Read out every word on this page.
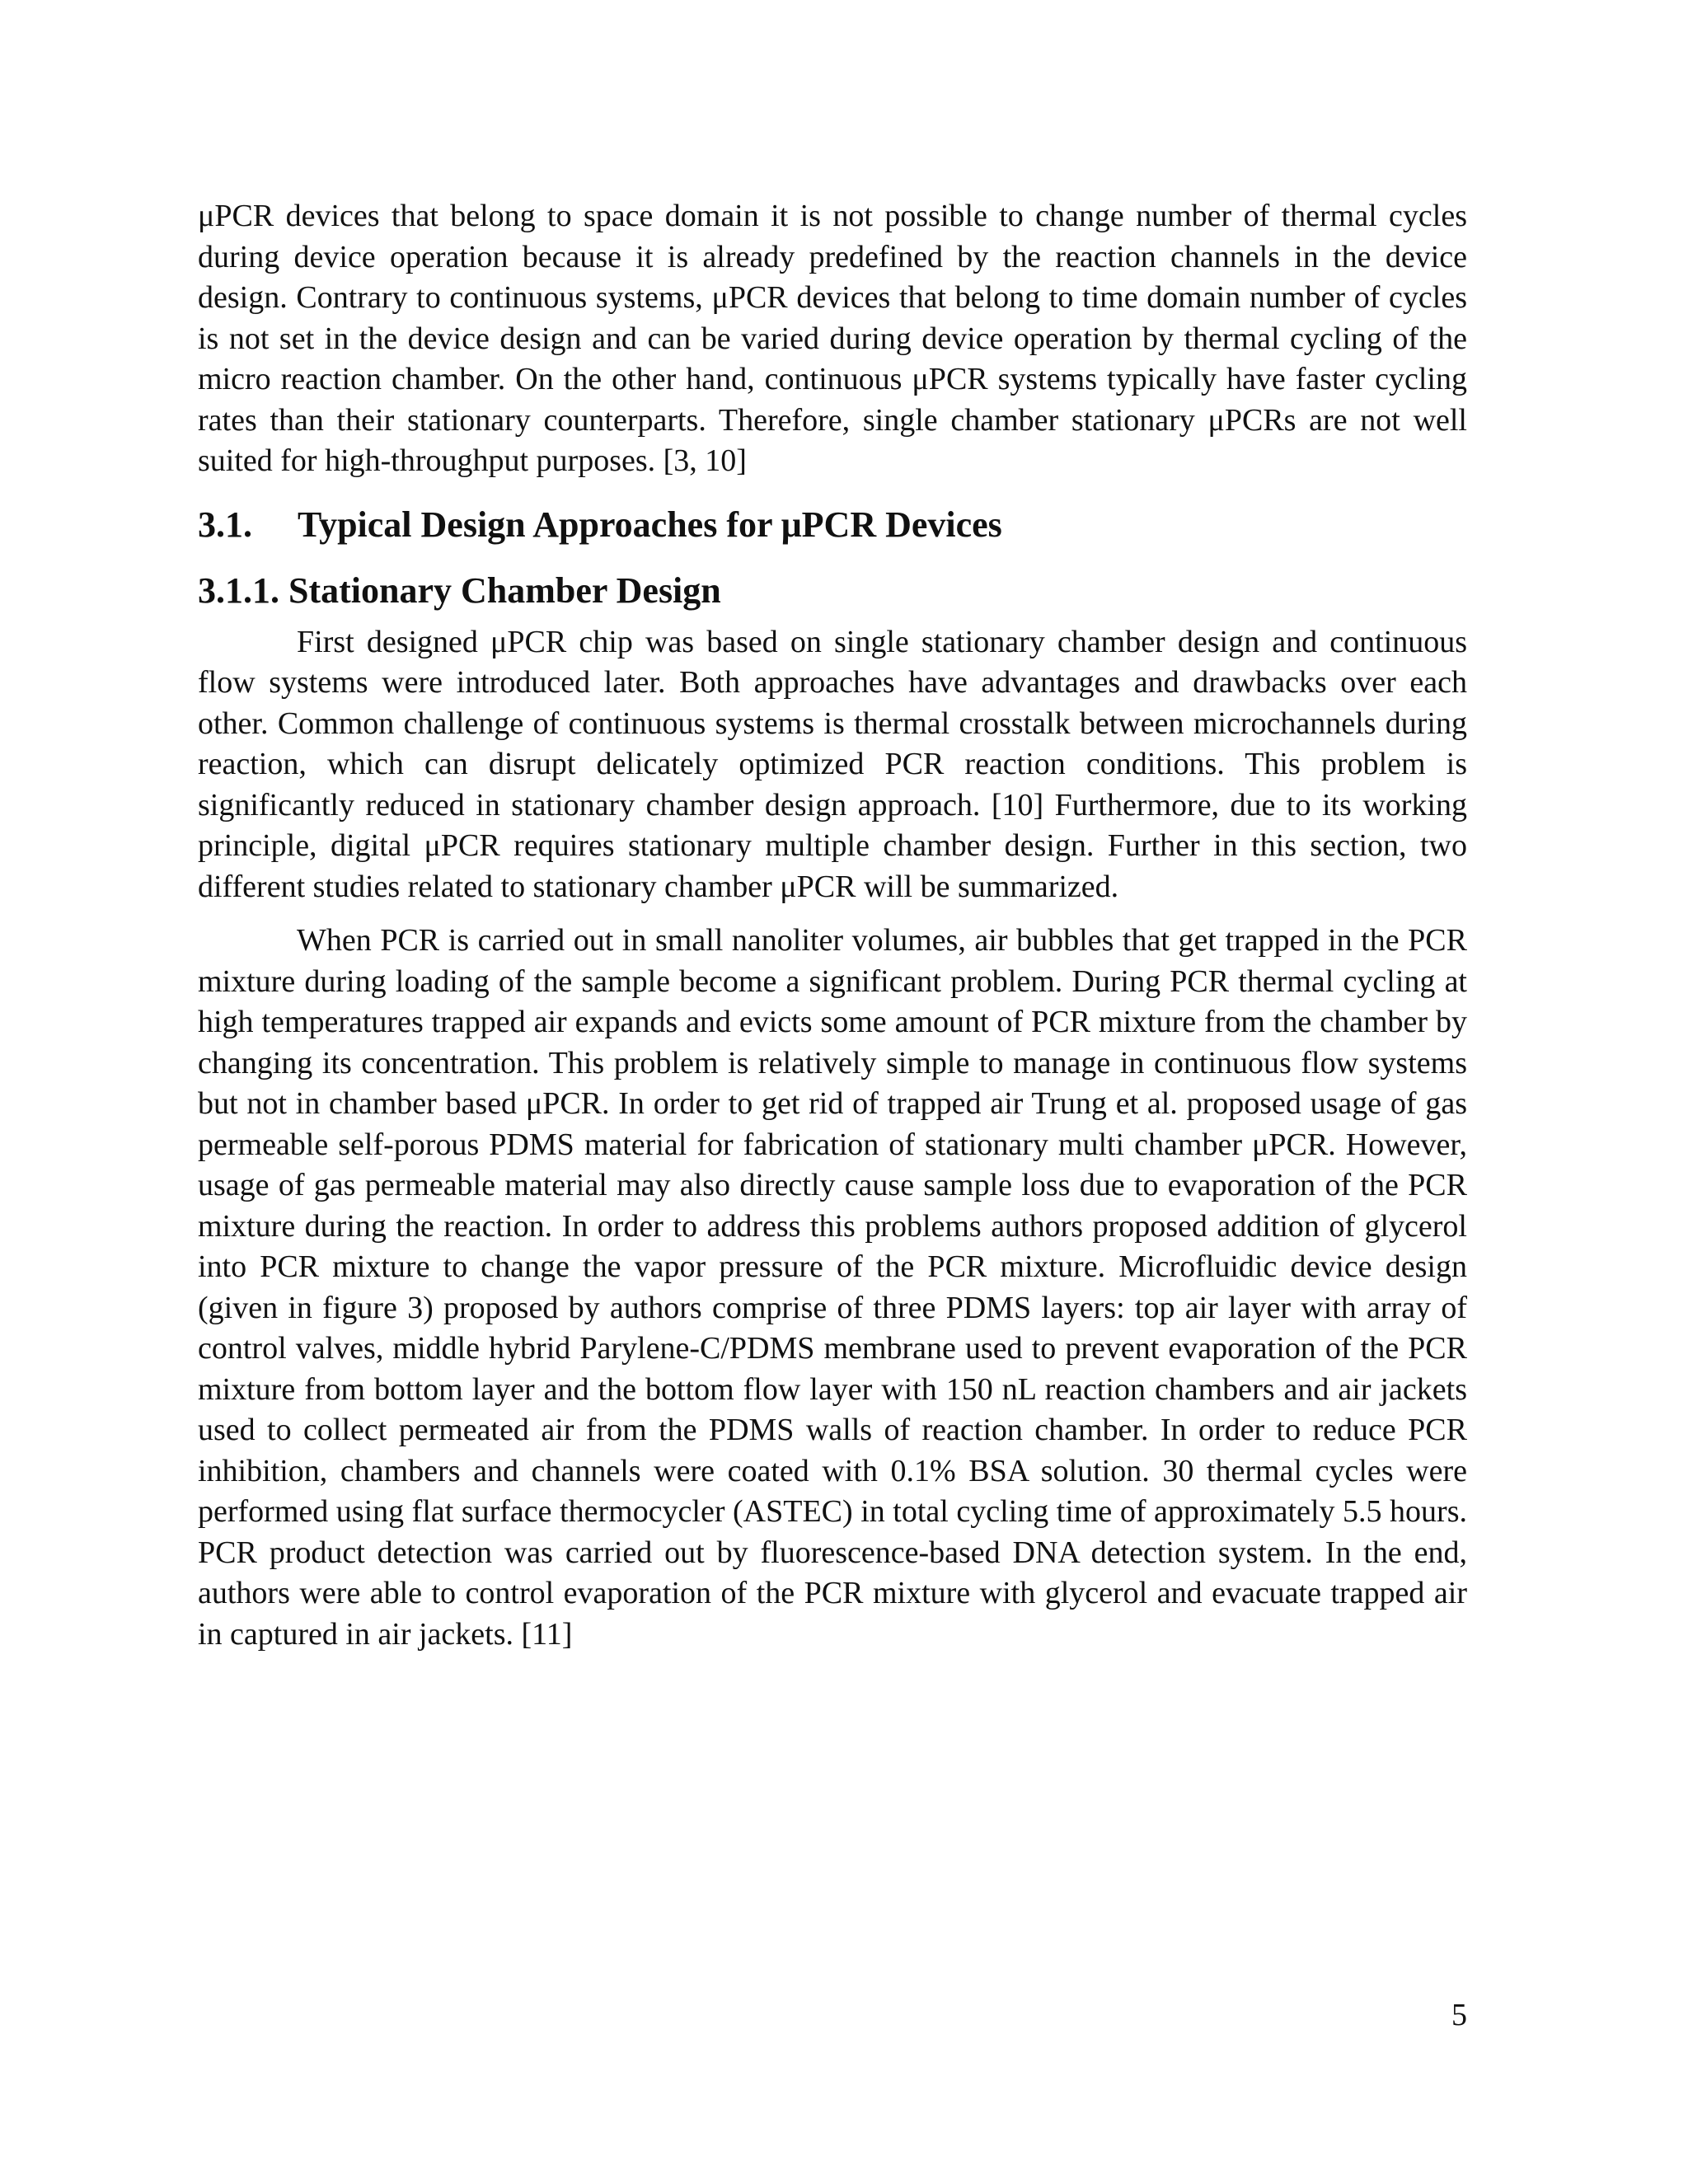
μPCR devices that belong to space domain it is not possible to change number of thermal cycles during device operation because it is already predefined by the reaction channels in the device design. Contrary to continuous systems, μPCR devices that belong to time domain number of cycles is not set in the device design and can be varied during device operation by thermal cycling of the micro reaction chamber. On the other hand, continuous μPCR systems typically have faster cycling rates than their stationary counterparts. Therefore, single chamber stationary μPCRs are not well suited for high-throughput purposes. [3, 10]

3.1.	Typical Design Approaches for μPCR Devices
3.1.1. Stationary Chamber Design

First designed μPCR chip was based on single stationary chamber design and continuous flow systems were introduced later. Both approaches have advantages and drawbacks over each other. Common challenge of continuous systems is thermal crosstalk between microchannels during reaction, which can disrupt delicately optimized PCR reaction conditions. This problem is significantly reduced in stationary chamber design approach. [10] Furthermore, due to its working principle, digital μPCR requires stationary multiple chamber design. Further in this section, two different studies related to stationary chamber μPCR will be summarized.

When PCR is carried out in small nanoliter volumes, air bubbles that get trapped in the PCR mixture during loading of the sample become a significant problem. During PCR thermal cycling at high temperatures trapped air expands and evicts some amount of PCR mixture from the chamber by changing its concentration. This problem is relatively simple to manage in continuous flow systems but not in chamber based μPCR. In order to get rid of trapped air Trung et al. proposed usage of gas permeable self-porous PDMS material for fabrication of stationary multi chamber μPCR. However, usage of gas permeable material may also directly cause sample loss due to evaporation of the PCR mixture during the reaction. In order to address this problems authors proposed addition of glycerol into PCR mixture to change the vapor pressure of the PCR mixture. Microfluidic device design (given in figure 3) proposed by authors comprise of three PDMS layers: top air layer with array of control valves, middle hybrid Parylene-C/PDMS membrane used to prevent evaporation of the PCR mixture from bottom layer and the bottom flow layer with 150 nL reaction chambers and air jackets used to collect permeated air from the PDMS walls of reaction chamber. In order to reduce PCR inhibition, chambers and channels were coated with 0.1% BSA solution. 30 thermal cycles were performed using flat surface thermocycler (ASTEC) in total cycling time of approximately 5.5 hours. PCR product detection was carried out by fluorescence-based DNA detection system. In the end, authors were able to control evaporation of the PCR mixture with glycerol and evacuate trapped air in captured in air jackets. [11]

5
